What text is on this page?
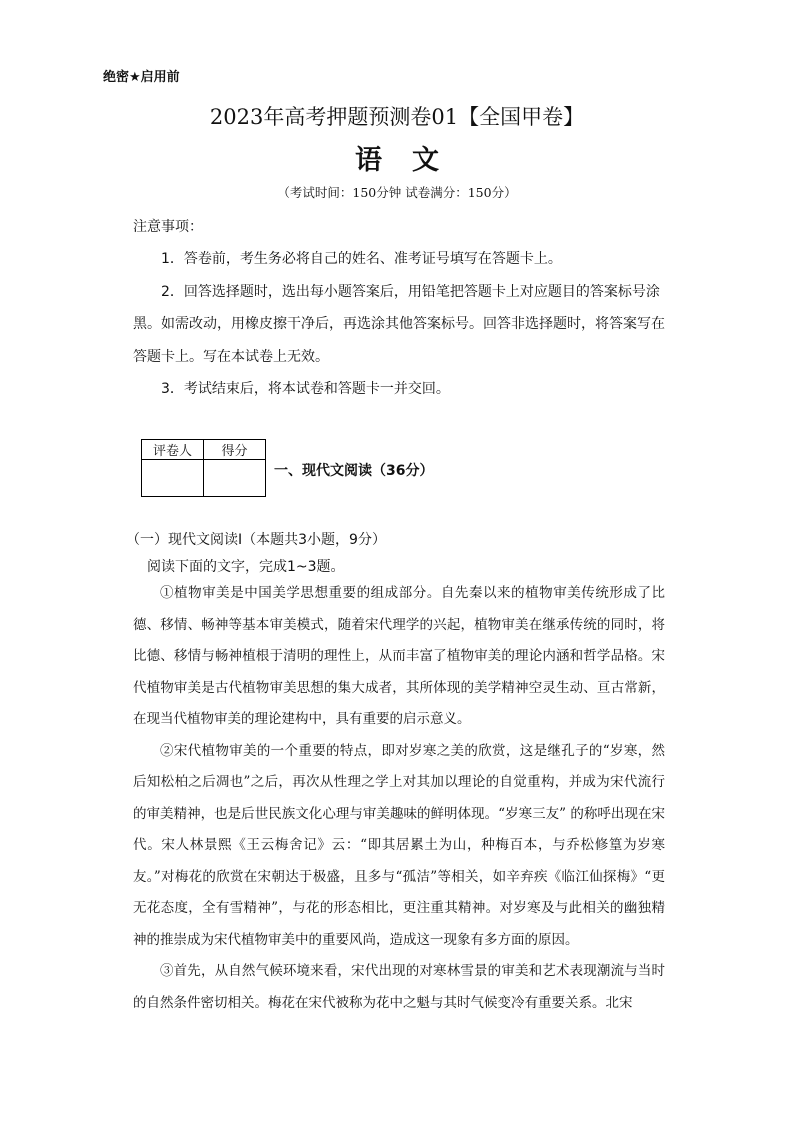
绝密★启用前
2023年高考押题预测卷01【全国甲卷】
语文
（考试时间：150分钟 试卷满分：150分）
注意事项：

1．答卷前，考生务必将自己的姓名、准考证号填写在答题卡上。

2．回答选择题时，选出每小题答案后，用铅笔把答题卡上对应题目的答案标号涂黑。如需改动，用橡皮擦干净后，再选涂其他答案标号。回答非选择题时，将答案写在答题卡上。写在本试卷上无效。

3．考试结束后，将本试卷和答题卡一并交回。

评卷人	得分

一、现代文阅读（36分）
（一）现代文阅读Ⅰ（本题共3小题，9分）
阅读下面的文字，完成1~3题。

①植物审美是中国美学思想重要的组成部分。自先秦以来的植物审美传统形成了比德、移情、畅神等基本审美模式，随着宋代理学的兴起，植物审美在继承传统的同时，将比德、移情与畅神植根于清明的理性上，从而丰富了植物审美的理论内涵和哲学品格。宋代植物审美是古代植物审美思想的集大成者，其所体现的美学精神空灵生动、亘古常新，在现当代植物审美的理论建构中，具有重要的启示意义。

②宋代植物审美的一个重要的特点，即对岁寒之美的欣赏，这是继孔子的“岁寒，然后知松柏之后凋也”之后，再次从性理之学上对其加以理论的自觉重构，并成为宋代流行的审美精神，也是后世民族文化心理与审美趣味的鲜明体现。“岁寒三友” 的称呼出现在宋代。宋人林景熙《王云梅舍记》云：“即其居累土为山，种梅百本，与乔松修篁为岁寒友。”对梅花的欣赏在宋朝达于极盛，且多与“孤洁”等相关，如辛弃疾《临江仙探梅》“更无花态度，全有雪精神”，与花的形态相比，更注重其精神。对岁寒及与此相关的幽独精神的推崇成为宋代植物审美中的重要风尚，造成这一现象有多方面的原因。

③首先，从自然气候环境来看，宋代出现的对寒林雪景的审美和艺术表现潮流与当时的自然条件密切相关。梅花在宋代被称为花中之魁与其时气候变冷有重要关系。北宋
